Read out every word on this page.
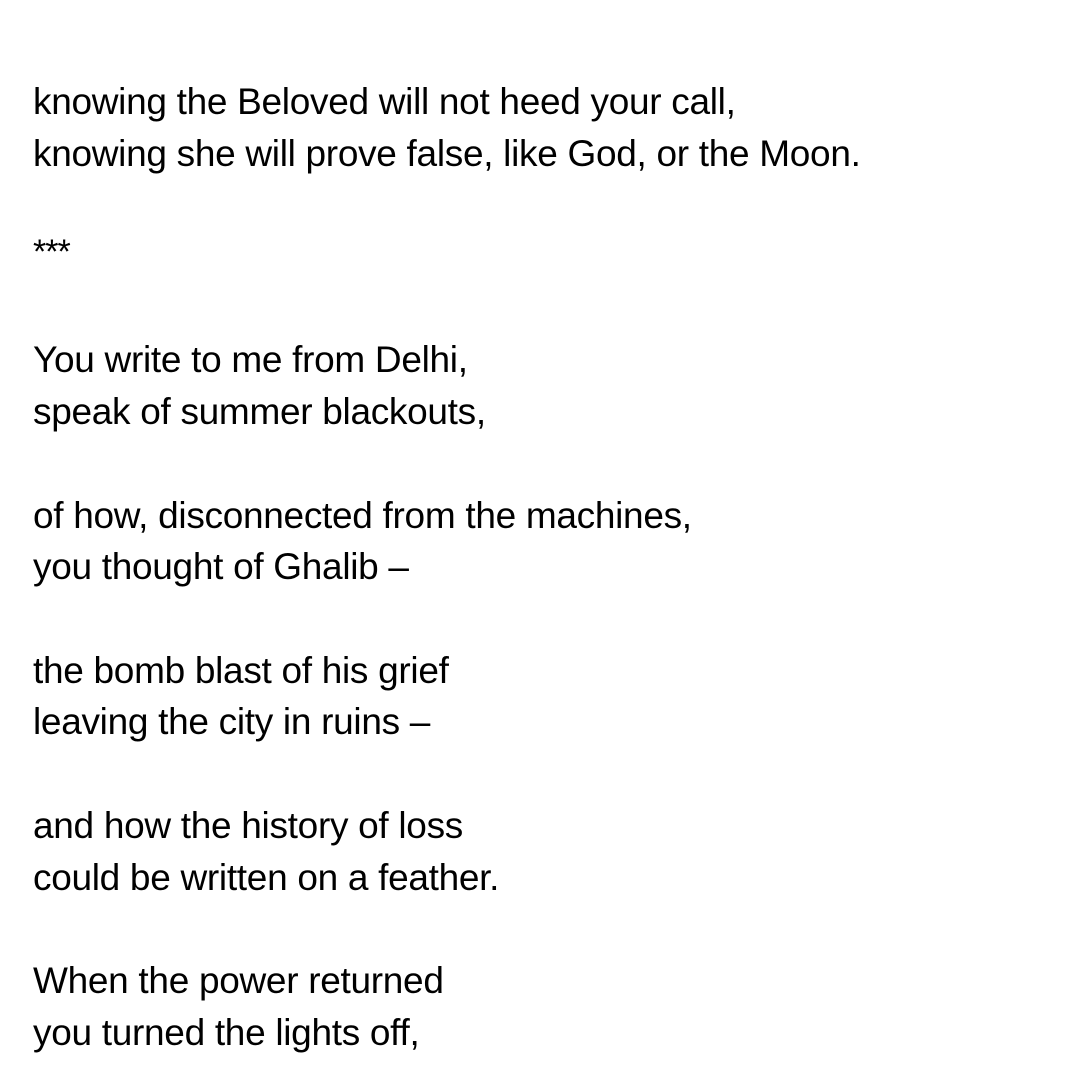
knowing the Beloved will not heed your call,
knowing she will prove false, like God, or the Moon.
***
You write to me from Delhi,
speak of summer blackouts,
of how, disconnected from the machines,
you thought of Ghalib –
the bomb blast of his grief
leaving the city in ruins –
and how the history of loss
could be written on a feather.
When the power returned
you turned the lights off,
